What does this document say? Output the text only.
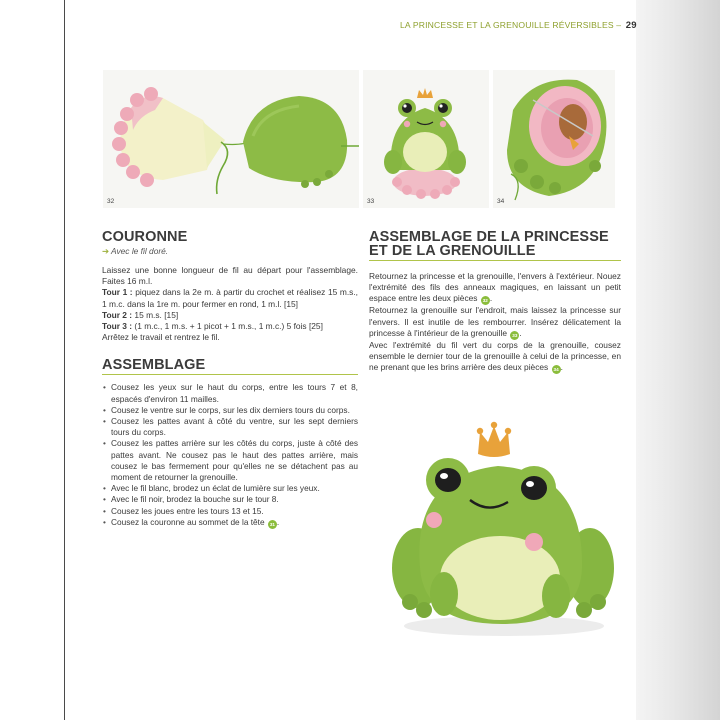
LA PRINCESSE ET LA GRENOUILLE RÉVERSIBLES – 29
32	33	34
COURONNE
➔ Avec le fil doré.

Laissez une bonne longueur de fil au départ pour l'assemblage. Faites 16 m.l.

Tour 1 : piquez dans la 2e m. à partir du crochet et réalisez 15 m.s., 1 m.c. dans la 1re m. pour fermer en rond, 1 m.l. [15]

Tour 2 : 15 m.s. [15]

Tour 3 : (1 m.c., 1 m.s. + 1 picot + 1 m.s., 1 m.c.) 5 fois [25]

Arrêtez le travail et rentrez le fil.

ASSEMBLAGE
• Cousez les yeux sur le haut du corps, entre les tours 7 et 8, espacés d'environ 11 mailles.
• Cousez le ventre sur le corps, sur les dix derniers tours du corps.
• Cousez les pattes avant à côté du ventre, sur les sept derniers tours du corps.
• Cousez les pattes arrière sur les côtés du corps, juste à côté des pattes avant. Ne cousez pas le haut des pattes arrière, mais cousez le bas fermement pour qu'elles ne se détachent pas au moment de retourner la grenouille.
• Avec le fil blanc, brodez un éclat de lumière sur les yeux.
• Avec le fil noir, brodez la bouche sur le tour 8.
• Cousez les joues entre les tours 13 et 15.
• Cousez la couronne au sommet de la tête 31 .
ASSEMBLAGE DE LA PRINCESSE
ET DE LA GRENOUILLE

Retournez la princesse et la grenouille, l'envers à l'extérieur. Nouez l'extrémité des fils des anneaux magiques, en laissant un petit espace entre les deux pièces 32 .

Retournez la grenouille sur l'endroit, mais laissez la princesse sur l'envers. Il est inutile de les rembourrer. Insérez délicatement la princesse à l'intérieur de la grenouille 33 .

Avec l'extrémité du fil vert du corps de la grenouille, cousez ensemble le dernier tour de la grenouille à celui de la princesse, en ne prenant que les brins arrière des deux pièces 34 .
